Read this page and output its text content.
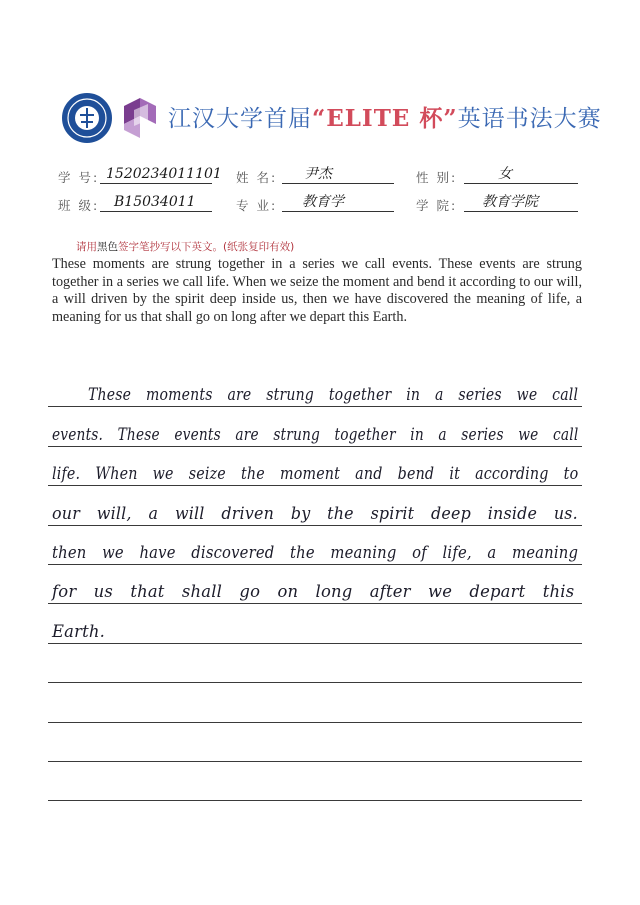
江汉大学首届“ELITE 杯”英语书法大赛
学 号: 1520234011101 姓 名:	尹杰	性 别:	女
班 级:	B15034011	专 业:	教育学	学 院:	教育学院
请用黑色签字笔抄写以下英文。(纸张复印有效)
These moments are strung together in a series we call events. These events are strung together in a series we call life. When we seize the moment and bend it according to our will, a will driven by the spirit deep inside us, then we have discovered the meaning of life, a meaning for us that shall go on long after we depart this Earth.
These moments are strung together in a series we call
events. These events are strung together in a series we call
life. When we seize the moment and bend it according to
our will, a will driven by the spirit deep inside us.
then we have discovered the meaning of life, a meaning
for us that shall go on long after we depart this
Earth.
